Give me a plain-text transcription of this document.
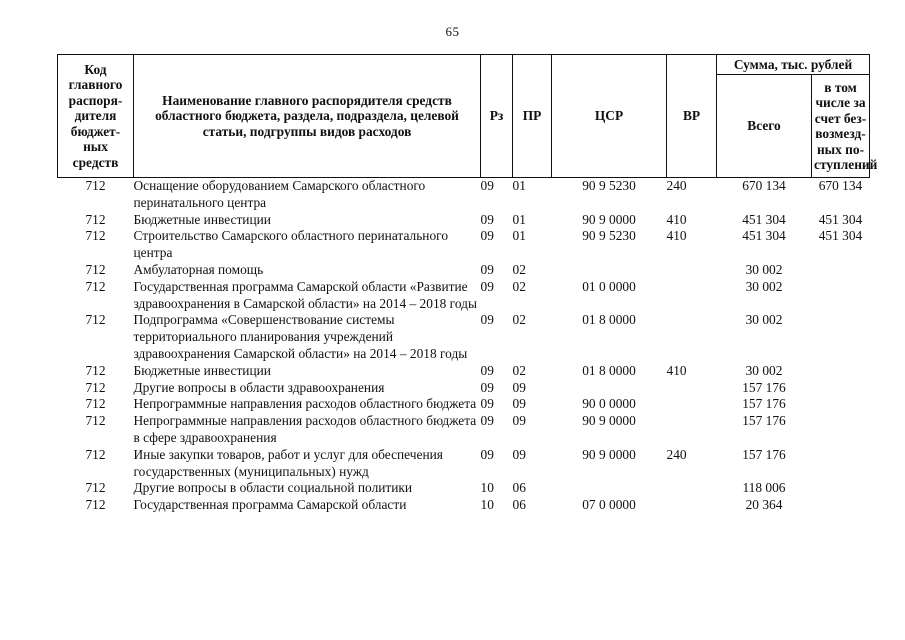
65
Код главного распоря-дителя бюджет-ных средств	Наименование главного распорядителя средств областного бюджета, раздела, подраздела, целевой статьи, подгруппы видов расходов	Рз	ПР	ЦСР	ВР	Сумма, тыс. рублей	
						Всего	в том числе за счет без-возмезд-ных по-ступлений
712	Оснащение оборудованием Самарского областного перинатального центра	09	01	90 9 5230	240	670 134	670 134
712	Бюджетные инвестиции	09	01	90 9 0000	410	451 304	451 304
712	Строительство Самарского областного перинатального центра	09	01	90 9 5230	410	451 304	451 304
712	Амбулаторная помощь	09	02			30 002	
712	Государственная программа Самарской области «Развитие здравоохранения в Самарской области» на 2014 – 2018 годы	09	02	01 0 0000		30 002	
712	Подпрограмма «Совершенствование системы территориального планирования учреждений здравоохранения Самарской области» на 2014 – 2018 годы	09	02	01 8 0000		30 002	
712	Бюджетные инвестиции	09	02	01 8 0000	410	30 002	
712	Другие вопросы в области здравоохранения	09	09			157 176	
712	Непрограммные направления расходов областного бюджета	09	09	90 0 0000		157 176	
712	Непрограммные направления расходов областного бюджета в сфере здравоохранения	09	09	90 9 0000		157 176	
712	Иные закупки товаров, работ и услуг для обеспечения государственных (муниципальных) нужд	09	09	90 9 0000	240	157 176	
712	Другие вопросы в области социальной политики	10	06			118 006	
712	Государственная программа Самарской области	10	06	07 0 0000		20 364	
